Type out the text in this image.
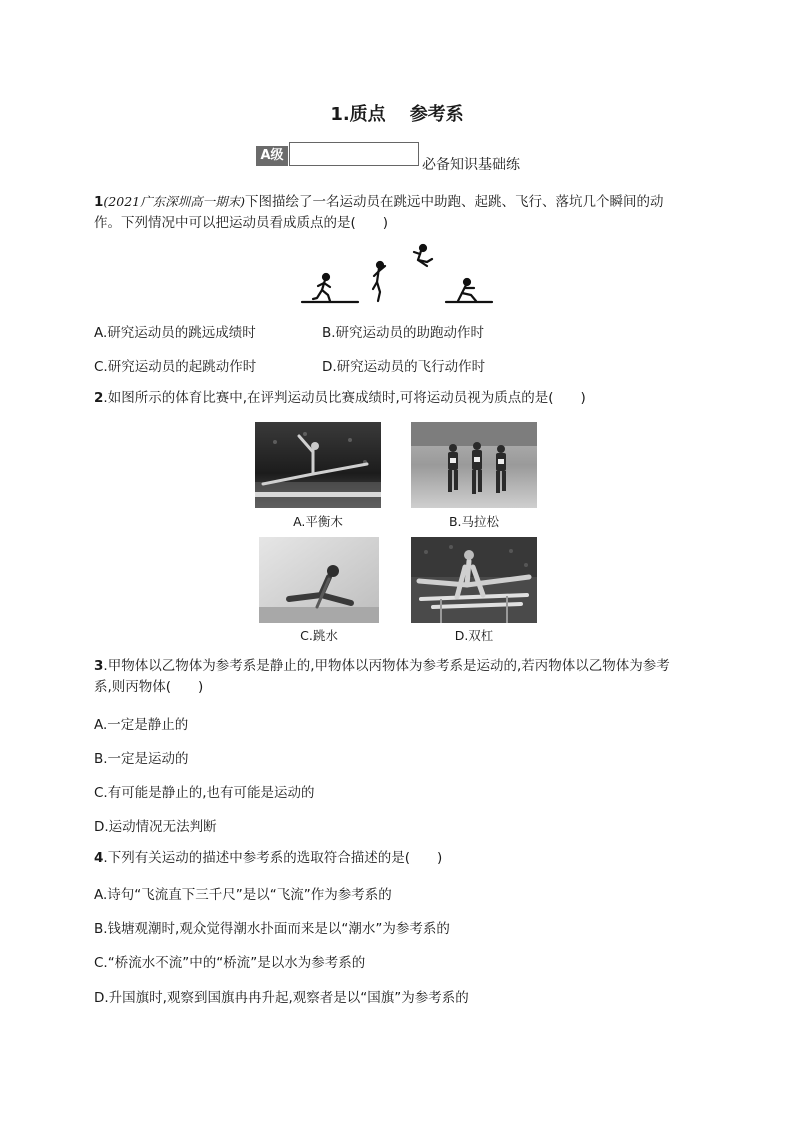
1.质点 参考系
A级
必备知识基础练
1(2021广东深圳高一期末)下图描绘了一名运动员在跳远中助跑、起跳、飞行、落坑几个瞬间的动
作。下列情况中可以把运动员看成质点的是(　　)
A.研究运动员的跳远成绩时	B.研究运动员的助跑动作时
C.研究运动员的起跳动作时	D.研究运动员的飞行动作时
2.如图所示的体育比赛中,在评判运动员比赛成绩时,可将运动员视为质点的是(　　)
A.平衡木	B.马拉松
C.跳水	D.双杠
3.甲物体以乙物体为参考系是静止的,甲物体以丙物体为参考系是运动的,若丙物体以乙物体为参考
系,则丙物体(　　)
A.一定是静止的
B.一定是运动的
C.有可能是静止的,也有可能是运动的
D.运动情况无法判断
4.下列有关运动的描述中参考系的选取符合描述的是(　　)
A.诗句“飞流直下三千尺”是以“飞流”作为参考系的
B.钱塘观潮时,观众觉得潮水扑面而来是以“潮水”为参考系的
C.“桥流水不流”中的“桥流”是以水为参考系的
D.升国旗时,观察到国旗冉冉升起,观察者是以“国旗”为参考系的
